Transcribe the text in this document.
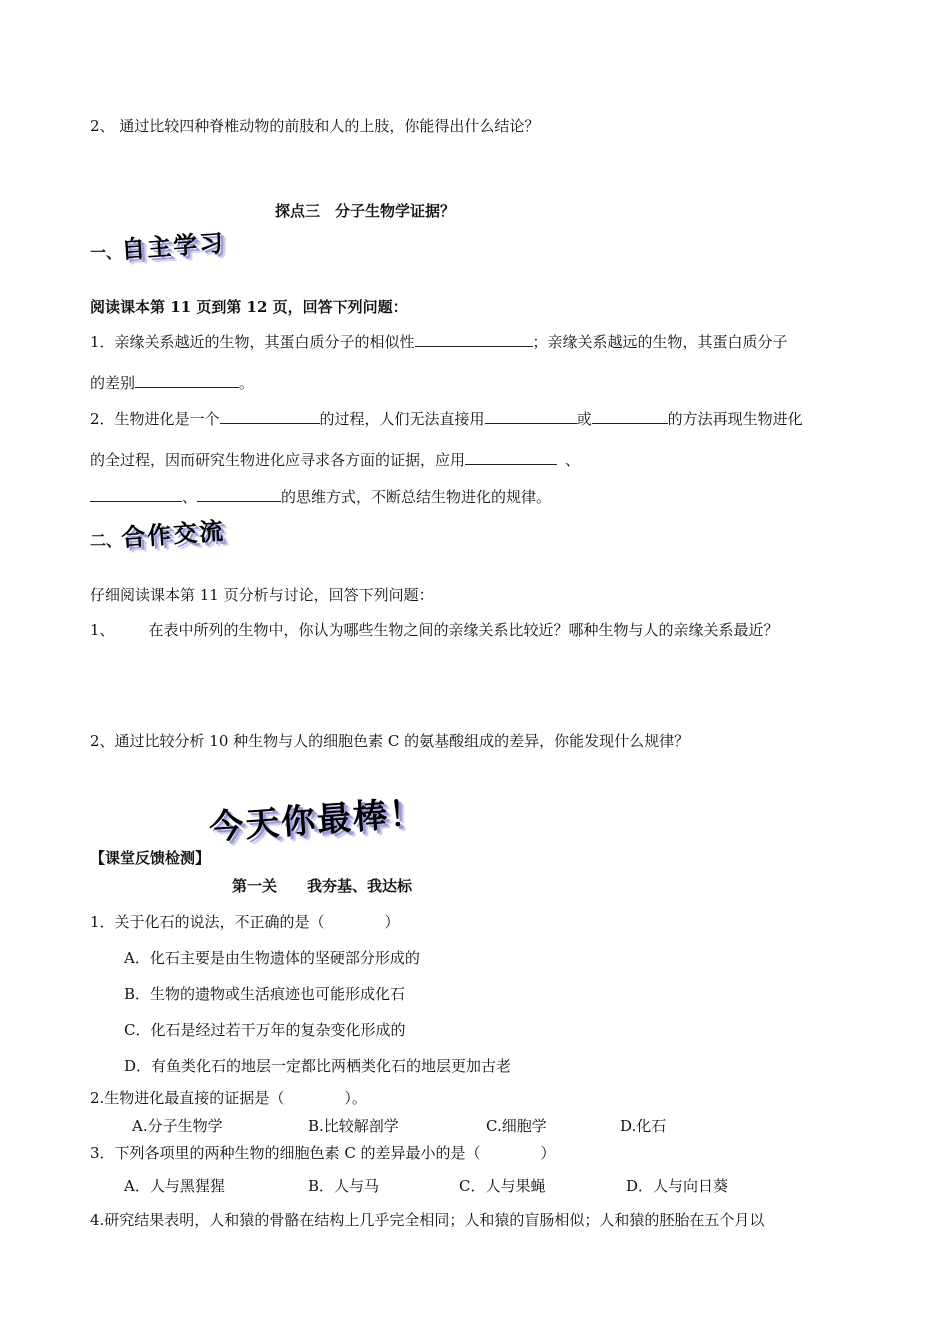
2、 通过比较四种脊椎动物的前肢和人的上肢，你能得出什么结论？
探点三　分子生物学证据？
一、自主学习
阅读课本第 11 页到第 12 页，回答下列问题：
1．亲缘关系越近的生物，其蛋白质分子的相似性	；亲缘关系越远的生物，其蛋白质分子
的差别	。
2．生物进化是一个	的过程，人们无法直接用	或	的方法再现生物进化
的全过程，因而研究生物进化应寻求各方面的证据，应用	、
、	的思维方式，不断总结生物进化的规律。
二、合作交流
仔细阅读课本第 11 页分析与讨论，回答下列问题：
1、 在表中所列的生物中，你认为哪些生物之间的亲缘关系比较近？哪种生物与人的亲缘关系最近？
2、通过比较分析 10 种生物与人的细胞色素 C 的氨基酸组成的差异，你能发现什么规律？
【课堂反馈检测】今天你最棒！
第一关　　我夯基、我达标
1．关于化石的说法，不正确的是（　　　　）
A．化石主要是由生物遗体的坚硬部分形成的
B．生物的遗物或生活痕迹也可能形成化石
C．化石是经过若干万年的复杂变化形成的
D．有鱼类化石的地层一定都比两栖类化石的地层更加古老
2.生物进化最直接的证据是（　　　　）。
A.分子生物学	B.比较解剖学	C.细胞学	D.化石
3．下列各项里的两种生物的细胞色素 C 的差异最小的是（　　　　）
A．人与黑猩猩	B．人与马	C．人与果蝇	D．人与向日葵
4.研究结果表明，人和猿的骨骼在结构上几乎完全相同；人和猿的盲肠相似；人和猿的胚胎在五个月以
